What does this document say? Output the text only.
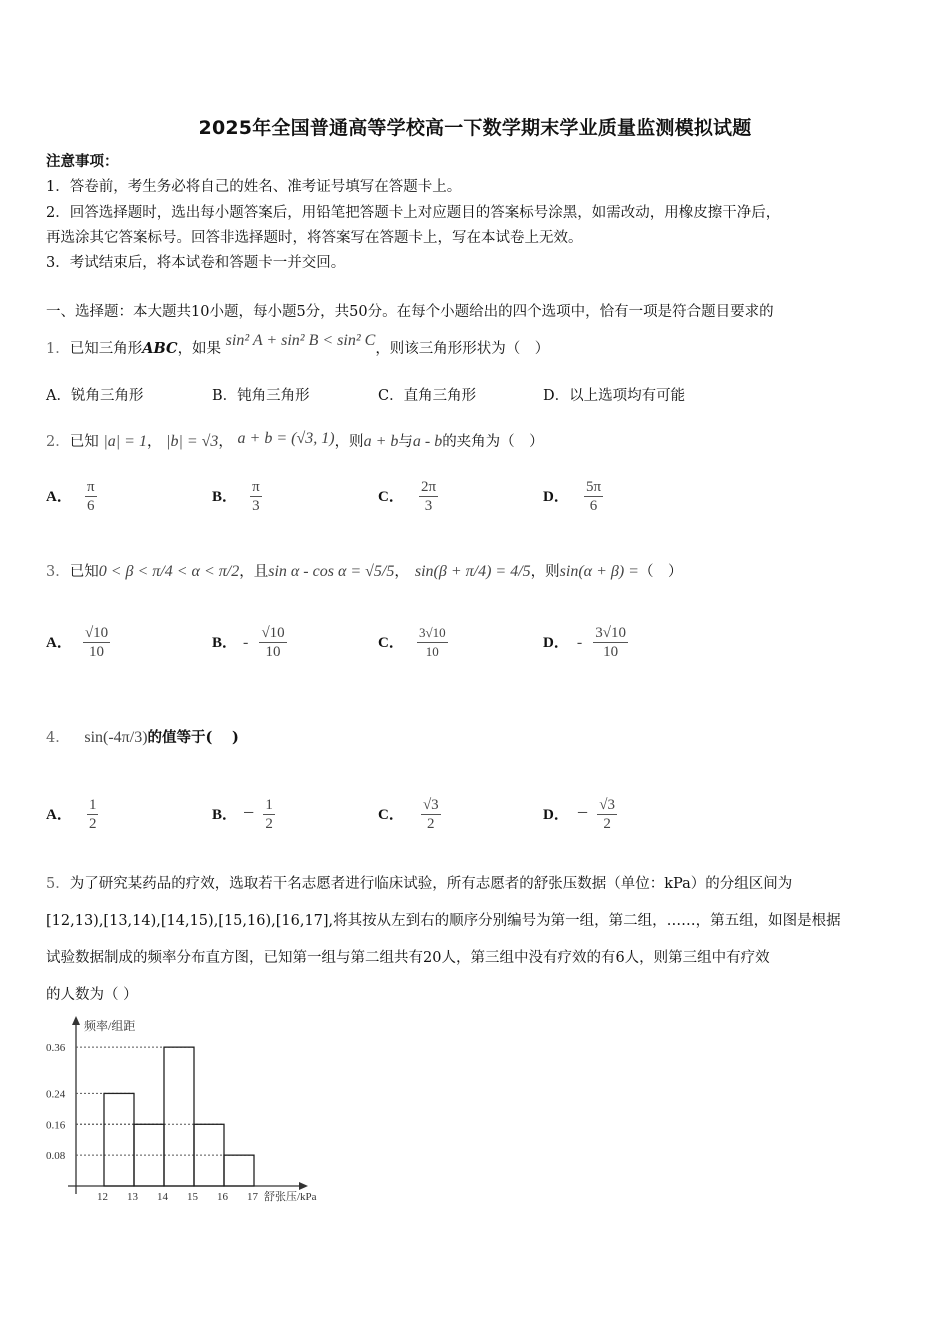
2025年全国普通高等学校高一下数学期末学业质量监测模拟试题
注意事项：
1．答卷前，考生务必将自己的姓名、准考证号填写在答题卡上。
2．回答选择题时，选出每小题答案后，用铅笔把答题卡上对应题目的答案标号涂黑，如需改动，用橡皮擦干净后，
再选涂其它答案标号。回答非选择题时，将答案写在答题卡上，写在本试卷上无效。
3．考试结束后，将本试卷和答题卡一并交回。
一、选择题：本大题共10小题，每小题5分，共50分。在每个小题给出的四个选项中，恰有一项是符合题目要求的
1．已知三角形ABC，如果 sin² A + sin² B < sin² C，则该三角形形状为（　）
A．锐角三角形	B．钝角三角形	C．直角三角形	D．以上选项均有可能
2．已知 |a| = 1， |b| = √3， a + b = (√3, 1)，则a + b与a - b的夹角为（　）
A． $\frac{\pi}{6}$	B． $\frac{\pi}{3}$	C． $\frac{2\pi}{3}$	D． $\frac{5\pi}{6}$
3．已知0 < β < π/4 < α < π/2，且sin α - cos α = √5/5， sin(β + π/4) = 4/5，则sin(α + β) =（　）
A． $\frac{√10}{10}$	B． - $\frac{√10}{10}$	C． $\frac{3√10}{10}$	D． - $\frac{3√10}{10}$
4． sin(-4π/3)的值等于(　 )
A． $\frac{1}{2}$	B． − $\frac{1}{2}$	C． $\frac{√3}{2}$	D． − $\frac{√3}{2}$
5．为了研究某药品的疗效，选取若干名志愿者进行临床试验，所有志愿者的舒张压数据（单位：kPa）的分组区间为
[12,13),[13,14),[14,15),[15,16),[16,17],将其按从左到右的顺序分别编号为第一组，第二组，……，第五组，如图是根据
试验数据制成的频率分布直方图，已知第一组与第二组共有20人，第三组中没有疗效的有6人，则第三组中有疗效
的人数为（ ）
频率/组距
舒张压/kPa
0.36
0.24
0.16
0.08
12 13 14 15 16 17
